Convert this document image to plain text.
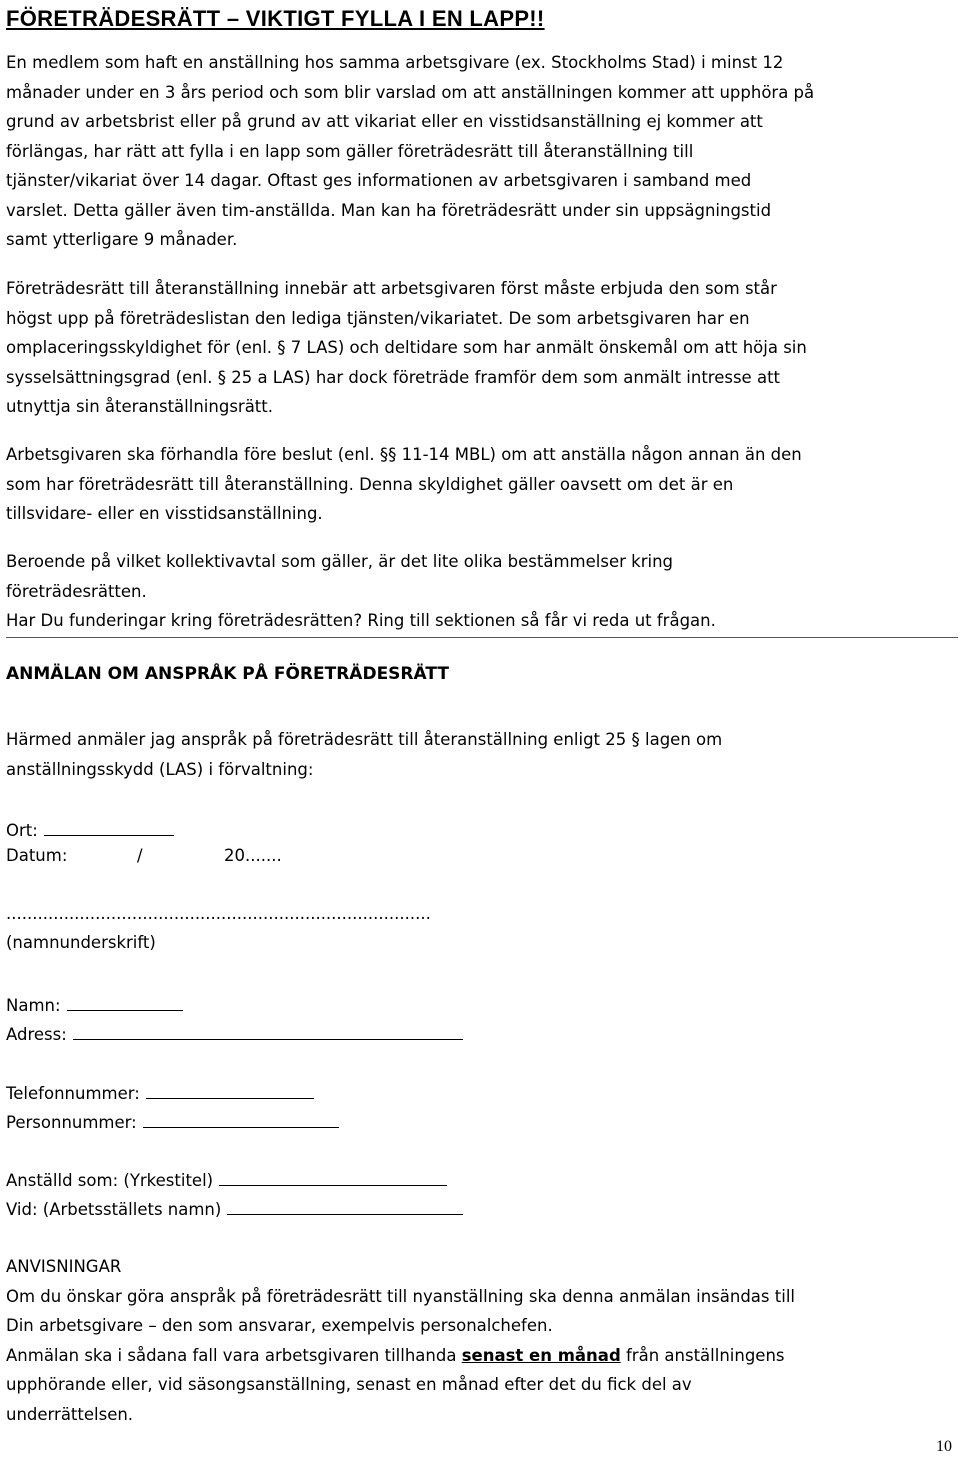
FÖRETRÄDESRÄTT – VIKTIGT FYLLA I EN LAPP!!
En medlem som haft en anställning hos samma arbetsgivare (ex. Stockholms Stad) i minst 12
månader under en 3 års period och som blir varslad om att anställningen kommer att upphöra på
grund av arbetsbrist eller på grund av att vikariat eller en visstidsanställning ej kommer att
förlängas, har rätt att fylla i en lapp som gäller företrädesrätt till återanställning till
tjänster/vikariat över 14 dagar. Oftast ges informationen av arbetsgivaren i samband med
varslet. Detta gäller även tim-anställda. Man kan ha företrädesrätt under sin uppsägningstid
samt ytterligare 9 månader.
Företrädesrätt till återanställning innebär att arbetsgivaren först måste erbjuda den som står
högst upp på företrädeslistan den lediga tjänsten/vikariatet. De som arbetsgivaren har en
omplaceringsskyldighet för (enl. § 7 LAS) och deltidare som har anmält önskemål om att höja sin
sysselsättningsgrad (enl. § 25 a LAS) har dock företräde framför dem som anmält intresse att
utnyttja sin återanställningsrätt.
Arbetsgivaren ska förhandla före beslut (enl. §§ 11-14 MBL) om att anställa någon annan än den
som har företrädesrätt till återanställning. Denna skyldighet gäller oavsett om det är en
tillsvidare- eller en visstidsanställning.
Beroende på vilket kollektivavtal som gäller, är det lite olika bestämmelser kring
företrädesrätten.
Har Du funderingar kring företrädesrätten? Ring till sektionen så får vi reda ut frågan.
ANMÄLAN OM ANSPRÅK PÅ FÖRETRÄDESRÄTT
Härmed anmäler jag anspråk på företrädesrätt till återanställning enligt 25 § lagen om
anställningsskydd (LAS) i förvaltning:
Ort:
Datum:	/	20.......
.................................................................................
(namnunderskrift)
Namn:
Adress:
Telefonnummer:
Personnummer:
Anställd som: (Yrkestitel)
Vid: (Arbetsställets namn)
ANVISNINGAR
Om du önskar göra anspråk på företrädesrätt till nyanställning ska denna anmälan insändas till
Din arbetsgivare – den som ansvarar, exempelvis personalchefen.
Anmälan ska i sådana fall vara arbetsgivaren tillhanda senast en månad från anställningens
upphörande eller, vid säsongsanställning, senast en månad efter det du fick del av
underrättelsen.
10
